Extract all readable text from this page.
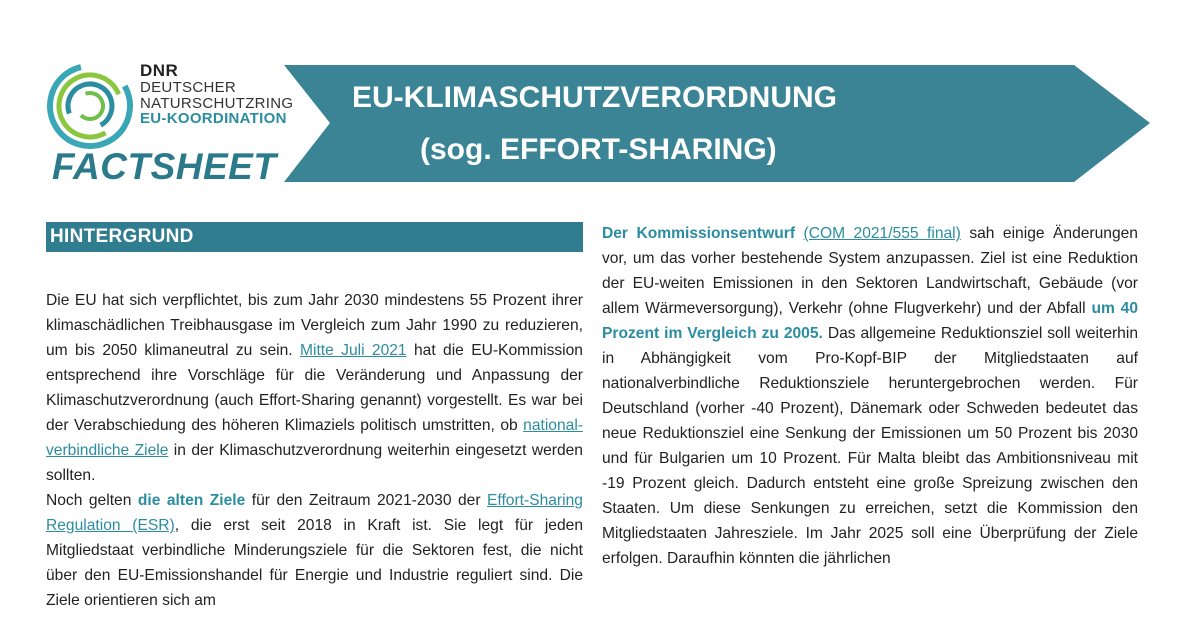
DNR
DEUTSCHER
NATURSCHUTZRING
EU-KOORDINATION
FACTSHEET
EU-KLIMASCHUTZVERORDNUNG
(sog. EFFORT-SHARING)
HINTERGRUND

Die EU hat sich verpflichtet, bis zum Jahr 2030 mindestens 55 Prozent ihrer klimaschädlichen Treibhausgase im Vergleich zum Jahr 1990 zu reduzieren, um bis 2050 klimaneutral zu sein. Mitte Juli 2021 hat die EU-Kommission entsprechend ihre Vorschläge für die Veränderung und Anpassung der Klimaschutzverordnung (auch Effort-Sharing genannt) vorgestellt. Es war bei der Verabschiedung des höheren Klimaziels politisch umstritten, ob national-verbindliche Ziele in der Klimaschutzverordnung weiterhin eingesetzt werden sollten.

Noch gelten die alten Ziele für den Zeitraum 2021-2030 der Effort-Sharing Regulation (ESR), die erst seit 2018 in Kraft ist. Sie legt für jeden Mitgliedstaat verbindliche Minderungsziele für die Sektoren fest, die nicht über den EU-Emissionshandel für Energie und Industrie reguliert sind. Die Ziele orientieren sich am

Der Kommissionsentwurf (COM 2021/555 final) sah einige Änderungen vor, um das vorher bestehende System anzupassen. Ziel ist eine Reduktion der EU-weiten Emissionen in den Sektoren Landwirtschaft, Gebäude (vor allem Wärmeversorgung), Verkehr (ohne Flugverkehr) und der Abfall um 40 Prozent im Vergleich zu 2005. Das allgemeine Reduktionsziel soll weiterhin in Abhängigkeit vom Pro-Kopf-BIP der Mitgliedstaaten auf nationalverbindliche Reduktionsziele heruntergebrochen werden. Für Deutschland (vorher -40 Prozent), Dänemark oder Schweden bedeutet das neue Reduktionsziel eine Senkung der Emissionen um 50 Prozent bis 2030 und für Bulgarien um 10 Prozent. Für Malta bleibt das Ambitionsniveau mit -19 Prozent gleich. Dadurch entsteht eine große Spreizung zwischen den Staaten. Um diese Senkungen zu erreichen, setzt die Kommission den Mitgliedstaaten Jahresziele. Im Jahr 2025 soll eine Überprüfung der Ziele erfolgen. Daraufhin könnten die jährlichen
